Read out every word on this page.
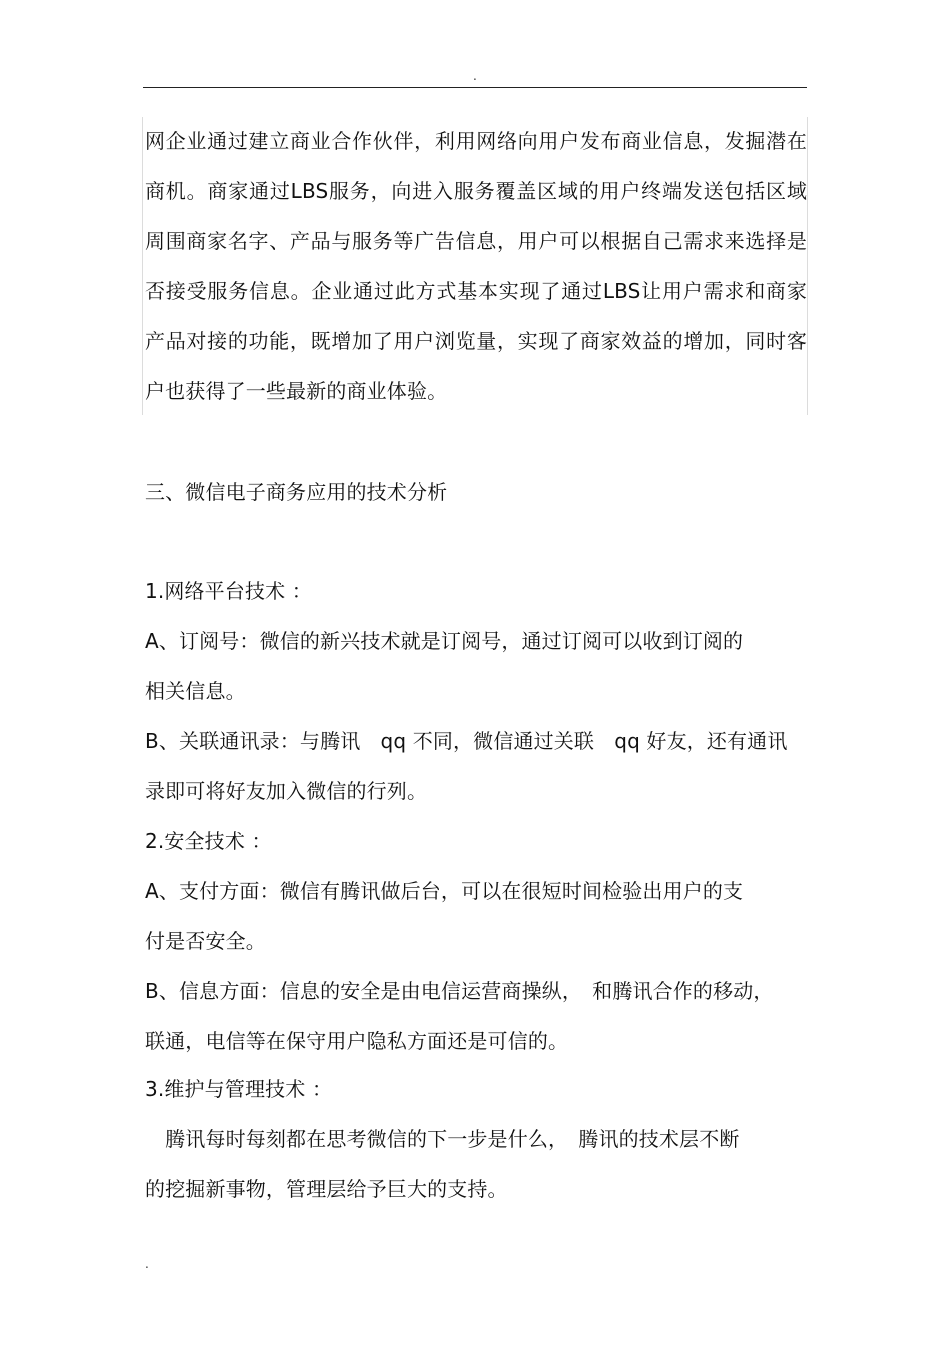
.
网企业通过建立商业合作伙伴，利用网络向用户发布商业信息，发掘潜在
商机。商家通过LBS服务，向进入服务覆盖区域的用户终端发送包括区域
周围商家名字、产品与服务等广告信息，用户可以根据自己需求来选择是
否接受服务信息。企业通过此方式基本实现了通过LBS让用户需求和商家
产品对接的功能，既增加了用户浏览量，实现了商家效益的增加，同时客
户也获得了一些最新的商业体验。
三、微信电子商务应用的技术分析
1.网络平台技术 ：
A、订阅号：微信的新兴技术就是订阅号，通过订阅可以收到订阅的
相关信息。
B、关联通讯录：与腾讯　qq 不同，微信通过关联　qq 好友，还有通讯
录即可将好友加入微信的行列。
2.安全技术 ：
A、支付方面：微信有腾讯做后台，可以在很短时间检验出用户的支
付是否安全。
B、信息方面：信息的安全是由电信运营商操纵，　和腾讯合作的移动，
联通，电信等在保守用户隐私方面还是可信的。
3.维护与管理技术 ：
　腾讯每时每刻都在思考微信的下一步是什么，　腾讯的技术层不断
的挖掘新事物，管理层给予巨大的支持。
.
